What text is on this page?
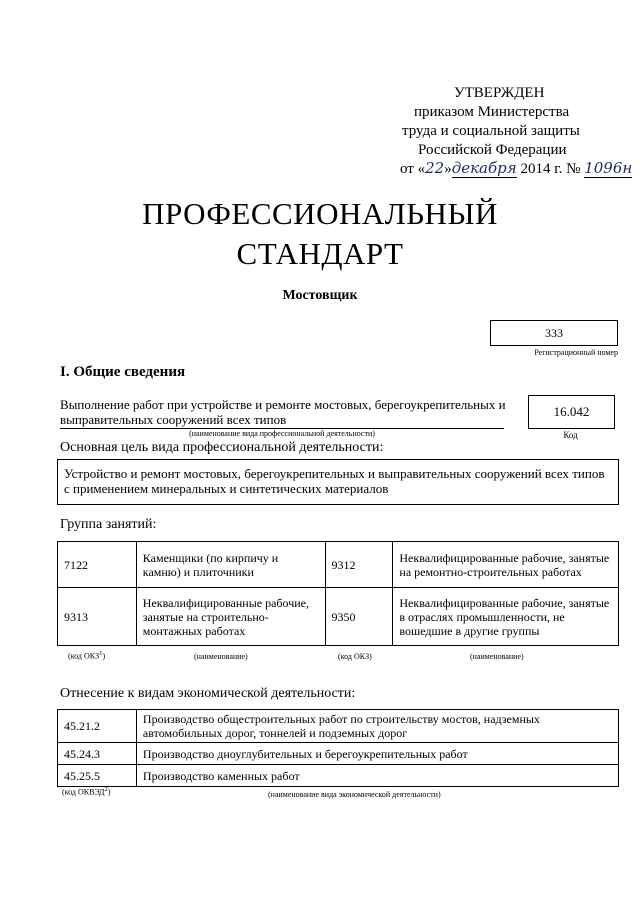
УТВЕРЖДЕН
приказом Министерства
труда и социальной защиты
Российской Федерации
от «22»декабря 2014 г. № 1096н
ПРОФЕССИОНАЛЬНЫЙ
СТАНДАРТ
Мостовщик
333
Регистрационный номер
I. Общие сведения
Выполнение работ при устройстве и ремонте мостовых, берегоукрепительных и выправительных сооружений всех типов
(наименование вида профессиональной деятельности)
16.042
Код
Основная цель вида профессиональной деятельности:
Устройство и ремонт мостовых, берегоукрепительных и выправительных сооружений всех типов с применением минеральных и синтетических материалов
Группа занятий:
7122	Каменщики (по кирпичу и камню) и плиточники	9312	Неквалифицированные рабочие, занятые на ремонтно-строительных работах
9313	Неквалифицированные рабочие, занятые на строительно-монтажных работах	9350	Неквалифицированные рабочие, занятые в отраслях промышленности, не вошедшие в другие группы
(код ОКЗ$^1$)	(наименование)	(код ОКЗ)	(наименование)
Отнесение к видам экономической деятельности:
45.21.2	Производство общестроительных работ по строительству мостов, надземных автомобильных дорог, тоннелей и подземных дорог
45.24.3	Производство дноуглубительных и берегоукрепительных работ
45.25.5	Производство каменных работ
(код ОКВЭД$^2$)	(наименование вида экономической деятельности)
